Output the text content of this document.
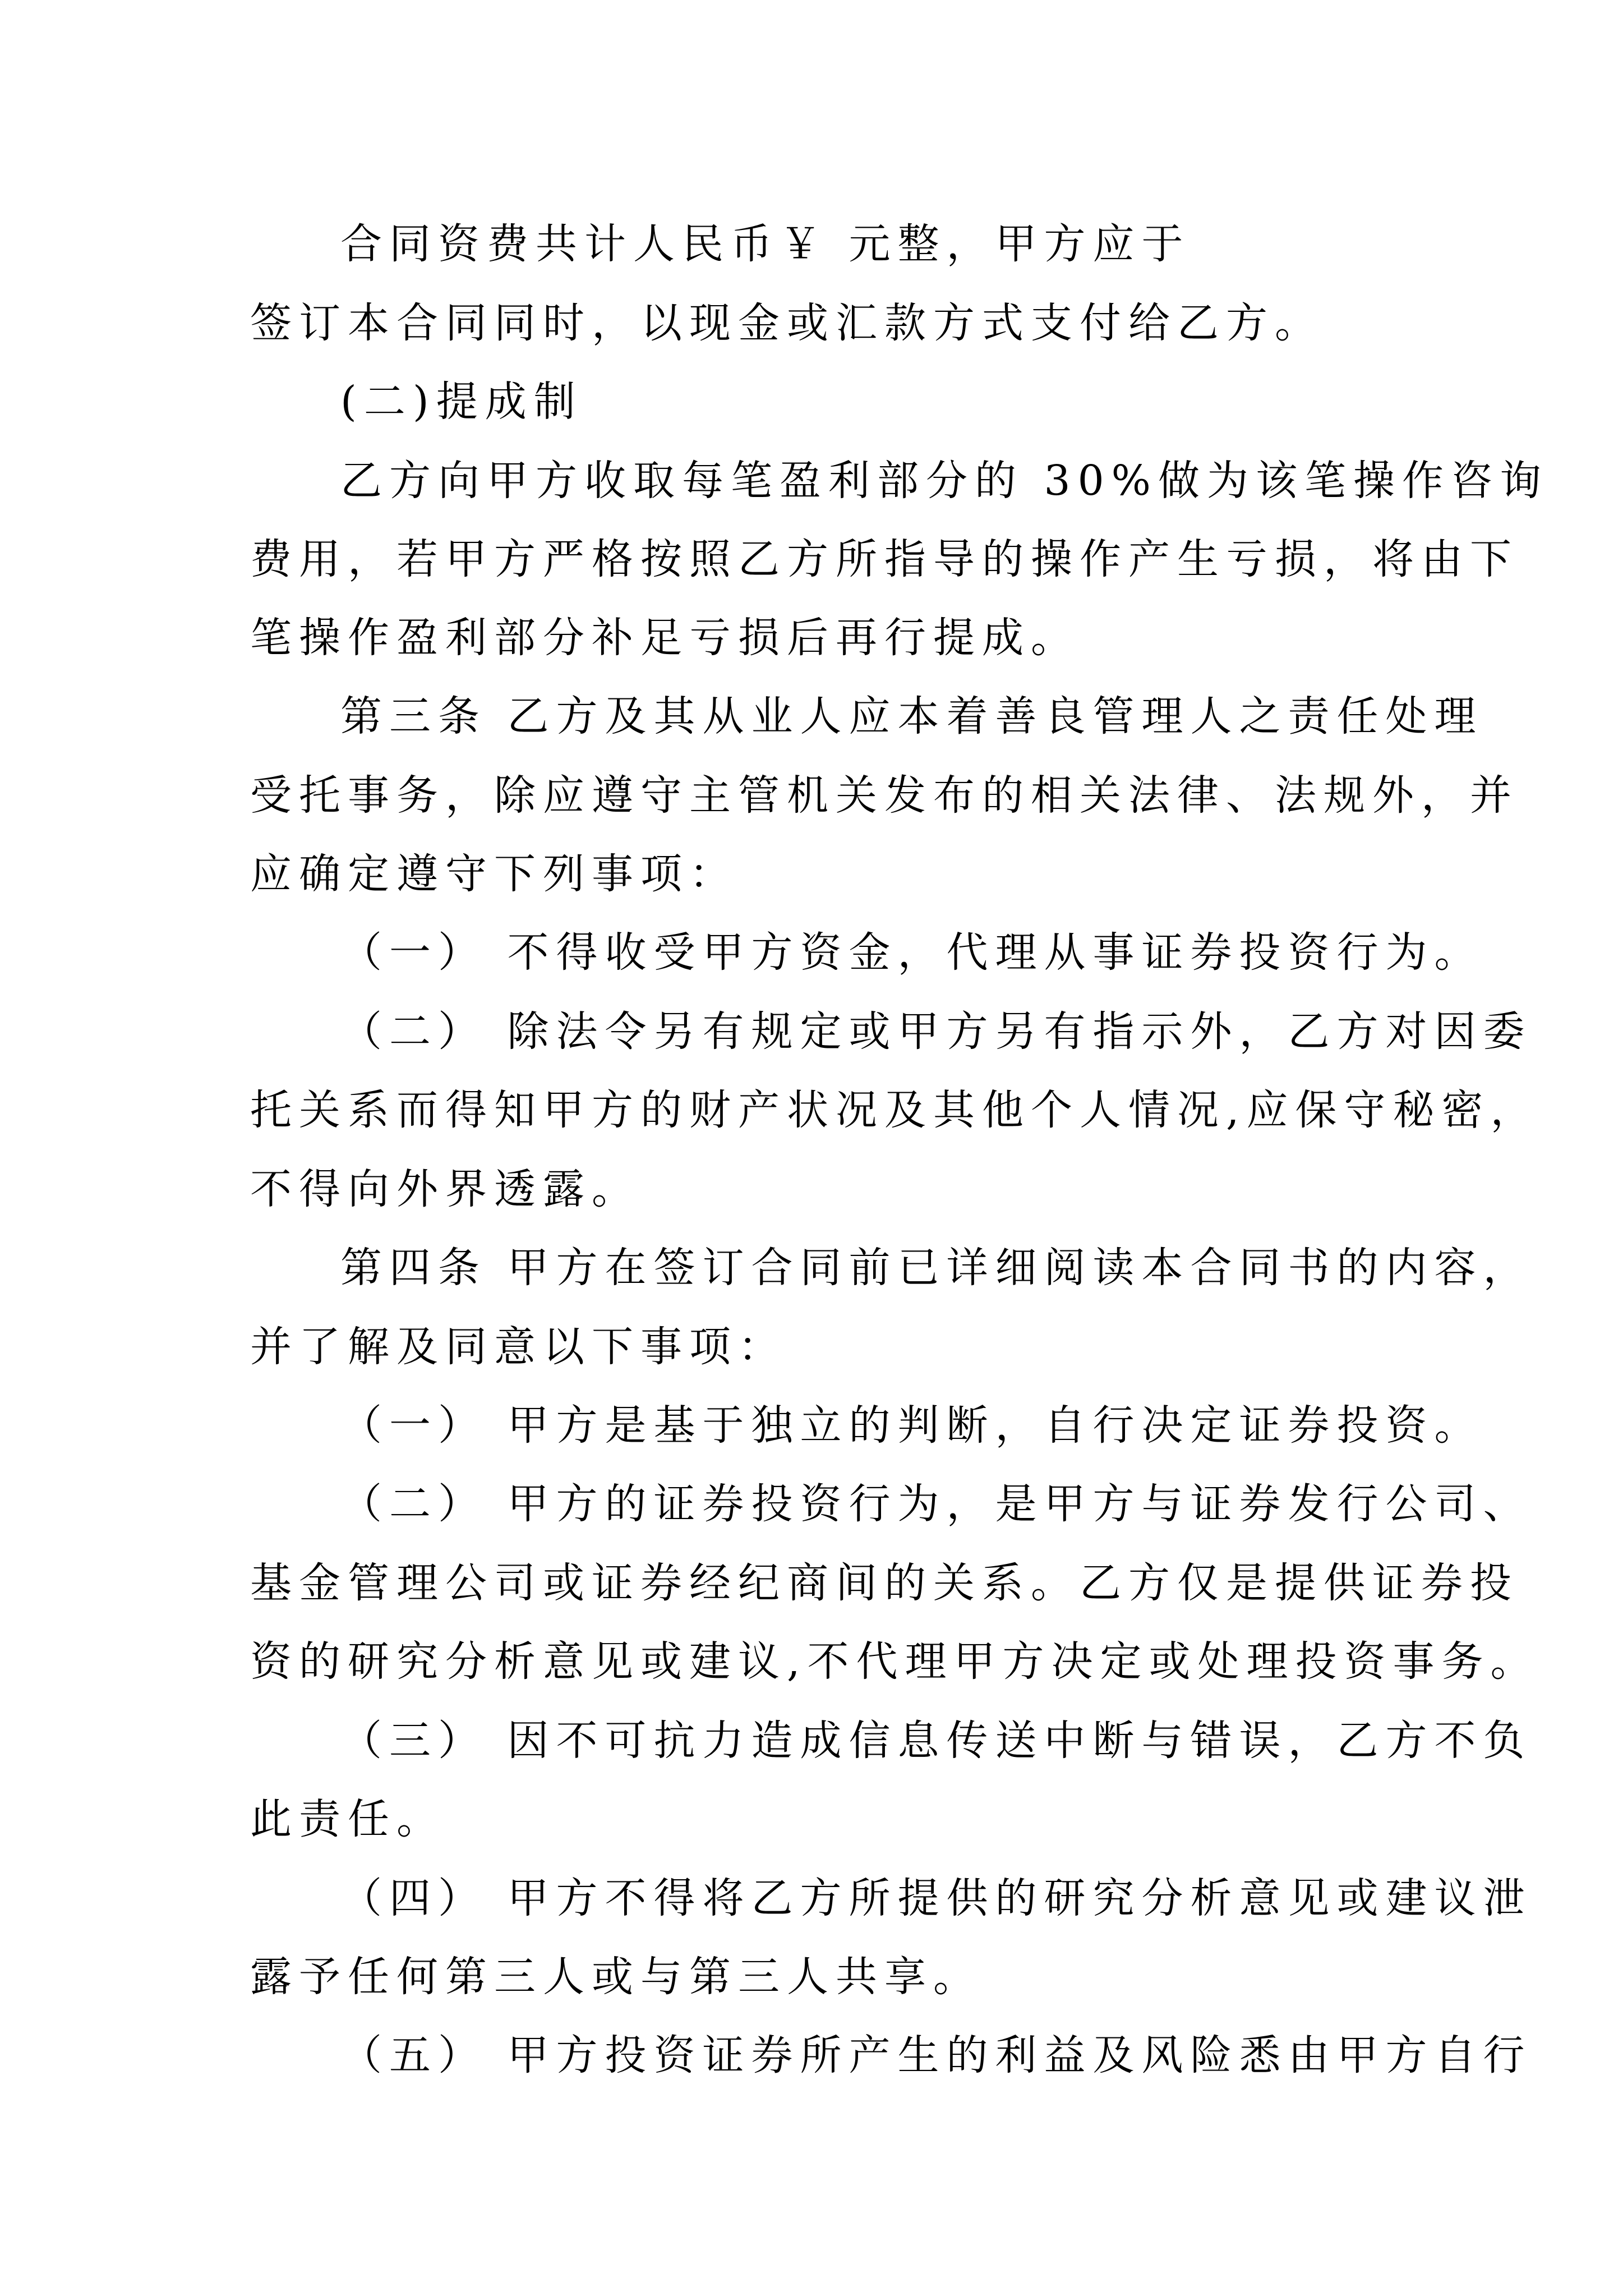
合同资费共计人民币￥ 元整，甲方应于
签订本合同同时，以现金或汇款方式支付给乙方。
(二)提成制
乙方向甲方收取每笔盈利部分的 30%做为该笔操作咨询
费用，若甲方严格按照乙方所指导的操作产生亏损，将由下
笔操作盈利部分补足亏损后再行提成。
第三条 乙方及其从业人应本着善良管理人之责任处理
受托事务，除应遵守主管机关发布的相关法律、法规外，并
应确定遵守下列事项：
（一） 不得收受甲方资金，代理从事证券投资行为。
（二） 除法令另有规定或甲方另有指示外，乙方对因委
托关系而得知甲方的财产状况及其他个人情况,应保守秘密，
不得向外界透露。
第四条 甲方在签订合同前已详细阅读本合同书的内容，
并了解及同意以下事项：
（一） 甲方是基于独立的判断，自行决定证券投资。
（二） 甲方的证券投资行为，是甲方与证券发行公司、
基金管理公司或证券经纪商间的关系。乙方仅是提供证券投
资的研究分析意见或建议,不代理甲方决定或处理投资事务。
（三） 因不可抗力造成信息传送中断与错误，乙方不负
此责任。
（四） 甲方不得将乙方所提供的研究分析意见或建议泄
露予任何第三人或与第三人共享。
（五） 甲方投资证券所产生的利益及风险悉由甲方自行
